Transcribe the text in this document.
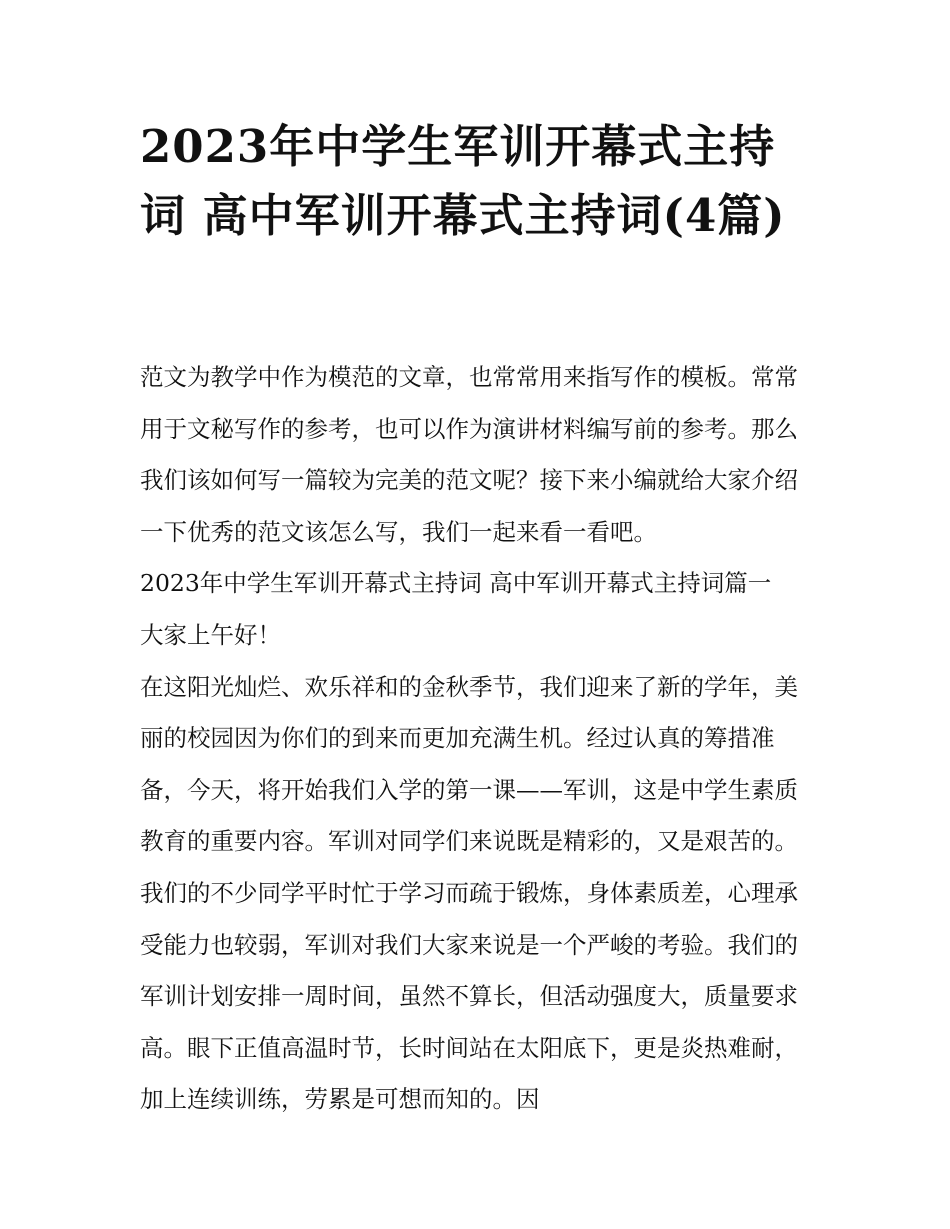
2023年中学生军训开幕式主持词 高中军训开幕式主持词(4篇)

范文为教学中作为模范的文章，也常常用来指写作的模板。常常用于文秘写作的参考，也可以作为演讲材料编写前的参考。那么我们该如何写一篇较为完美的范文呢？接下来小编就给大家介绍一下优秀的范文该怎么写，我们一起来看一看吧。

2023年中学生军训开幕式主持词 高中军训开幕式主持词篇一

大家上午好！

在这阳光灿烂、欢乐祥和的金秋季节，我们迎来了新的学年，美丽的校园因为你们的到来而更加充满生机。经过认真的筹措准备，今天，将开始我们入学的第一课——军训，这是中学生素质教育的重要内容。军训对同学们来说既是精彩的，又是艰苦的。我们的不少同学平时忙于学习而疏于锻炼，身体素质差，心理承受能力也较弱，军训对我们大家来说是一个严峻的考验。我们的军训计划安排一周时间，虽然不算长，但活动强度大，质量要求高。眼下正值高温时节，长时间站在太阳底下，更是炎热难耐，加上连续训练，劳累是可想而知的。因
